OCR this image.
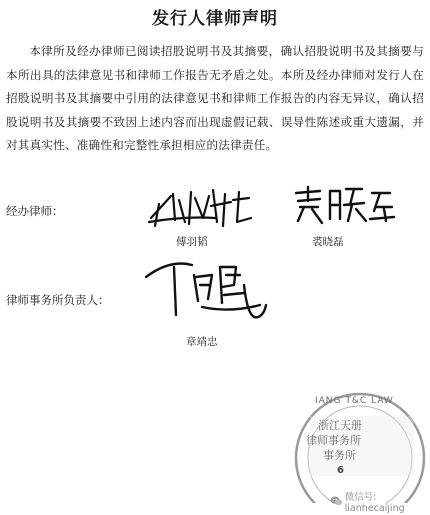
发行人律师声明
本律所及经办律师已阅读招股说明书及其摘要，确认招股说明书及其摘要与本所出具的法律意见书和律师工作报告无矛盾之处。本所及经办律师对发行人在招股说明书及其摘要中引用的法律意见书和律师工作报告的内容无异议，确认招股说明书及其摘要不致因上述内容而出现虚假记载、误导性陈述或重大遗漏，并对其真实性、准确性和完整性承担相应的法律责任。
经办律师：
傅羽韬	裘晓磊
律师事务所负责人：
章靖忠
IANG T&C LAW
浙江天册
律师事务所
事务所
6
微信号: lianhecaijing
